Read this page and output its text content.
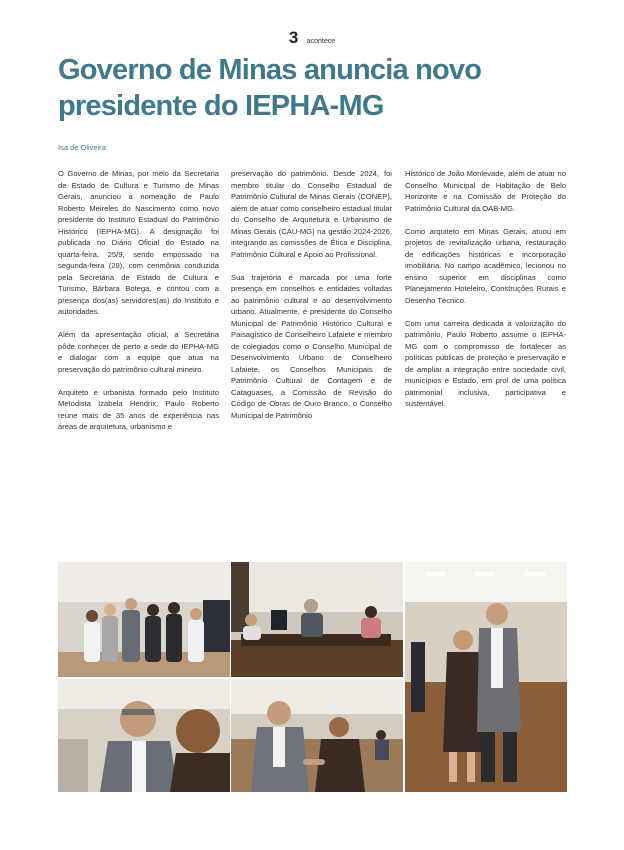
3 acontece
Governo de Minas anuncia novo presidente do IEPHA-MG
Isa de Oliveira

O Governo de Minas, por meio da Secretaria de Estado de Cultura e Turismo de Minas Gerais, anunciou a nomeação de Paulo Roberto Meireles do Nascimento como novo presidente do Instituto Estadual do Patrimônio Histórico (IEPHA-MG). A designação foi publicada no Diário Oficial do Estado na quarta-feira, 25/9, sendo empossado na segunda-feira (29), com cerimônia conduzida pela Secretária de Estado de Cultura e Turismo, Bárbara Botega, e contou com a presença dos(as) servidores(as) do Instituto e autoridades.

Além da apresentação oficial, a Secretária pôde conhecer de perto a sede do IEPHA-MG e dialogar com a equipe que atua na preservação do patrimônio cultural mineiro.

Arquiteto e urbanista formado pelo Instituto Metodista Izabela Hendrix, Paulo Roberto reúne mais de 35 anos de experiência nas áreas de arquitetura, urbanismo e

preservação do patrimônio. Desde 2024, foi membro titular do Conselho Estadual de Patrimônio Cultural de Minas Gerais (CONEP), além de atuar como conselheiro estadual titular do Conselho de Arquitetura e Urbanismo de Minas Gerais (CAU-MG) na gestão 2024-2026, integrando as comissões de Ética e Disciplina, Patrimônio Cultural e Apoio ao Profissional.

Sua trajetória é marcada por uma forte presença em conselhos e entidades voltadas ao patrimônio cultural e ao desenvolvimento urbano. Atualmente, é presidente do Conselho Municipal de Patrimônio Histórico Cultural e Paisagístico de Conselheiro Lafaiete e membro de colegiados como o Conselho Municipal de Desenvolvimento Urbano de Conselheiro Lafaiete, os Conselhos Municipais de Patrimônio Cultural de Contagem e de Cataguases, a Comissão de Revisão do Código de Obras de Ouro Branco, o Conselho Municipal de Patrimônio

Histórico de João Monlevade, além de atuar no Conselho Municipal de Habitação de Belo Horizonte e na Comissão de Proteção do Patrimônio Cultural da OAB-MG.

Como arquiteto em Minas Gerais, atuou em projetos de revitalização urbana, restauração de edificações históricas e incorporação imobiliária. No campo acadêmico, lecionou no ensino superior em disciplinas como Planejamento Hoteleiro, Construções Rurais e Desenho Técnico.

Com uma carreira dedicada à valorização do patrimônio, Paulo Roberto assume o IEPHA-MG com o compromisso de fortalecer as políticas públicas de proteção e preservação e de ampliar a integração entre sociedade civil, municípios e Estado, em prol de uma política patrimonial inclusiva, participativa e sustentável.
